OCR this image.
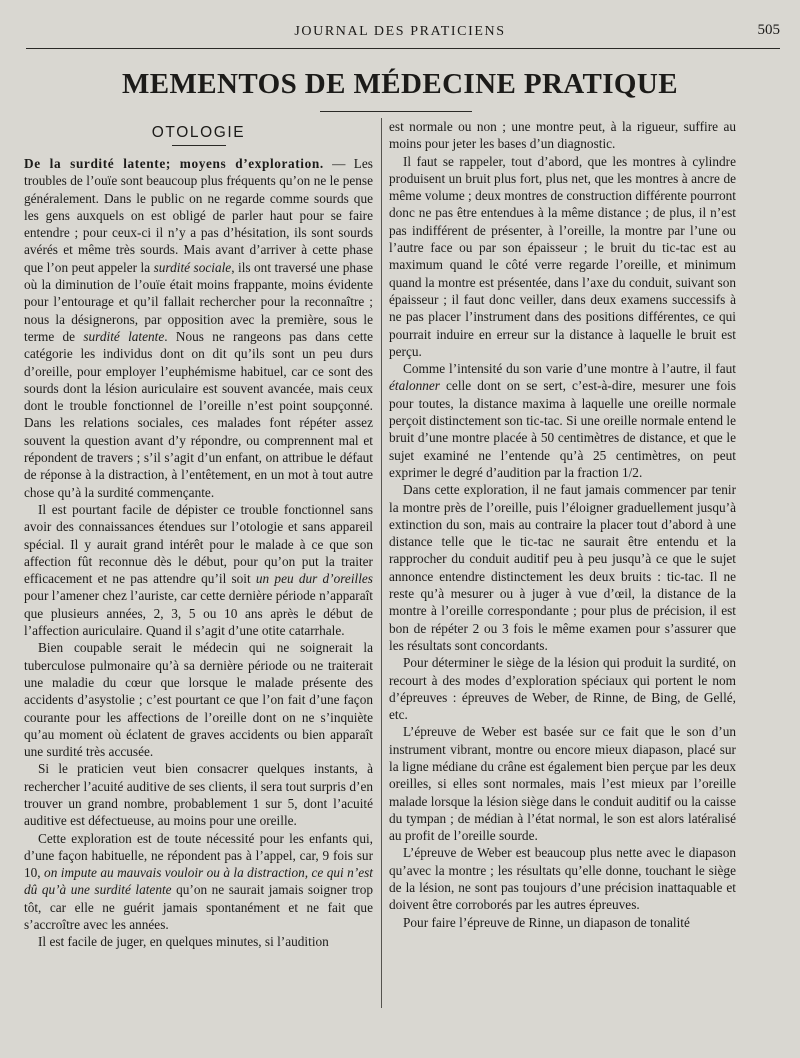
JOURNAL DES PRATICIENS	505
MEMENTOS DE MÉDECINE PRATIQUE
OTOLOGIE

De la surdité latente; moyens d’exploration. — Les troubles de l’ouïe sont beaucoup plus fréquents qu’on ne le pense généralement. Dans le public on ne regarde comme sourds que les gens auxquels on est obligé de parler haut pour se faire entendre ; pour ceux-ci il n’y a pas d’hésitation, ils sont sourds avérés et même très sourds. Mais avant d’arriver à cette phase que l’on peut appeler la surdité sociale, ils ont traversé une phase où la diminution de l’ouïe était moins frappante, moins évidente pour l’entourage et qu’il fallait rechercher pour la reconnaître ; nous la désignerons, par opposition avec la première, sous le terme de surdité latente. Nous ne rangeons pas dans cette catégorie les individus dont on dit qu’ils sont un peu durs d’oreille, pour employer l’euphémisme habituel, car ce sont des sourds dont la lésion auriculaire est souvent avancée, mais ceux dont le trouble fonctionnel de l’oreille n’est point soupçonné. Dans les relations sociales, ces malades font répéter assez souvent la question avant d’y répondre, ou comprennent mal et répondent de travers ; s’il s’agit d’un enfant, on attribue le défaut de réponse à la distraction, à l’entêtement, en un mot à tout autre chose qu’à la surdité commençante.

Il est pourtant facile de dépister ce trouble fonctionnel sans avoir des connaissances étendues sur l’otologie et sans appareil spécial. Il y aurait grand intérêt pour le malade à ce que son affection fût reconnue dès le début, pour qu’on put la traiter efficacement et ne pas attendre qu’il soit un peu dur d’oreilles pour l’amener chez l’auriste, car cette dernière période n’apparaît que plusieurs années, 2, 3, 5 ou 10 ans après le début de l’affection auriculaire. Quand il s’agit d’une otite catarrhale.

Bien coupable serait le médecin qui ne soignerait la tuberculose pulmonaire qu’à sa dernière période ou ne traiterait une maladie du cœur que lorsque le malade présente des accidents d’asystolie ; c’est pourtant ce que l’on fait d’une façon courante pour les affections de l’oreille dont on ne s’inquiète qu’au moment où éclatent de graves accidents ou bien apparaît une surdité très accusée.

Si le praticien veut bien consacrer quelques instants, à rechercher l’acuité auditive de ses clients, il sera tout surpris d’en trouver un grand nombre, probablement 1 sur 5, dont l’acuité auditive est défectueuse, au moins pour une oreille.

Cette exploration est de toute nécessité pour les enfants qui, d’une façon habituelle, ne répondent pas à l’appel, car, 9 fois sur 10, on impute au mauvais vouloir ou à la distraction, ce qui n’est dû qu’à une surdité latente qu’on ne saurait jamais soigner trop tôt, car elle ne guérit jamais spontanément et ne fait que s’accroître avec les années.

Il est facile de juger, en quelques minutes, si l’audition

est normale ou non ; une montre peut, à la rigueur, suffire au moins pour jeter les bases d’un diagnostic.

Il faut se rappeler, tout d’abord, que les montres à cylindre produisent un bruit plus fort, plus net, que les montres à ancre de même volume ; deux montres de construction différente pourront donc ne pas être entendues à la même distance ; de plus, il n’est pas indifférent de présenter, à l’oreille, la montre par l’une ou l’autre face ou par son épaisseur ; le bruit du tic-tac est au maximum quand le côté verre regarde l’oreille, et minimum quand la montre est présentée, dans l’axe du conduit, suivant son épaisseur ; il faut donc veiller, dans deux examens successifs à ne pas placer l’instrument dans des positions différentes, ce qui pourrait induire en erreur sur la distance à laquelle le bruit est perçu.

Comme l’intensité du son varie d’une montre à l’autre, il faut étalonner celle dont on se sert, c’est-à-dire, mesurer une fois pour toutes, la distance maxima à laquelle une oreille normale perçoit distinctement son tic-tac. Si une oreille normale entend le bruit d’une montre placée à 50 centimètres de distance, et que le sujet examiné ne l’entende qu’à 25 centimètres, on peut exprimer le degré d’audition par la fraction 1/2.

Dans cette exploration, il ne faut jamais commencer par tenir la montre près de l’oreille, puis l’éloigner graduellement jusqu’à extinction du son, mais au contraire la placer tout d’abord à une distance telle que le tic-tac ne saurait être entendu et la rapprocher du conduit auditif peu à peu jusqu’à ce que le sujet annonce entendre distinctement les deux bruits : tic-tac. Il ne reste qu’à mesurer ou à juger à vue d’œil, la distance de la montre à l’oreille correspondante ; pour plus de précision, il est bon de répéter 2 ou 3 fois le même examen pour s’assurer que les résultats sont concordants.

Pour déterminer le siège de la lésion qui produit la surdité, on recourt à des modes d’exploration spéciaux qui portent le nom d’épreuves : épreuves de Weber, de Rinne, de Bing, de Gellé, etc.

L’épreuve de Weber est basée sur ce fait que le son d’un instrument vibrant, montre ou encore mieux diapason, placé sur la ligne médiane du crâne est également bien perçue par les deux oreilles, si elles sont normales, mais l’est mieux par l’oreille malade lorsque la lésion siège dans le conduit auditif ou la caisse du tympan ; de médian à l’état normal, le son est alors latéralisé au profit de l’oreille sourde.

L’épreuve de Weber est beaucoup plus nette avec le diapason qu’avec la montre ; les résultats qu’elle donne, touchant le siège de la lésion, ne sont pas toujours d’une précision inattaquable et doivent être corroborés par les autres épreuves.

Pour faire l’épreuve de Rinne, un diapason de tonalité
